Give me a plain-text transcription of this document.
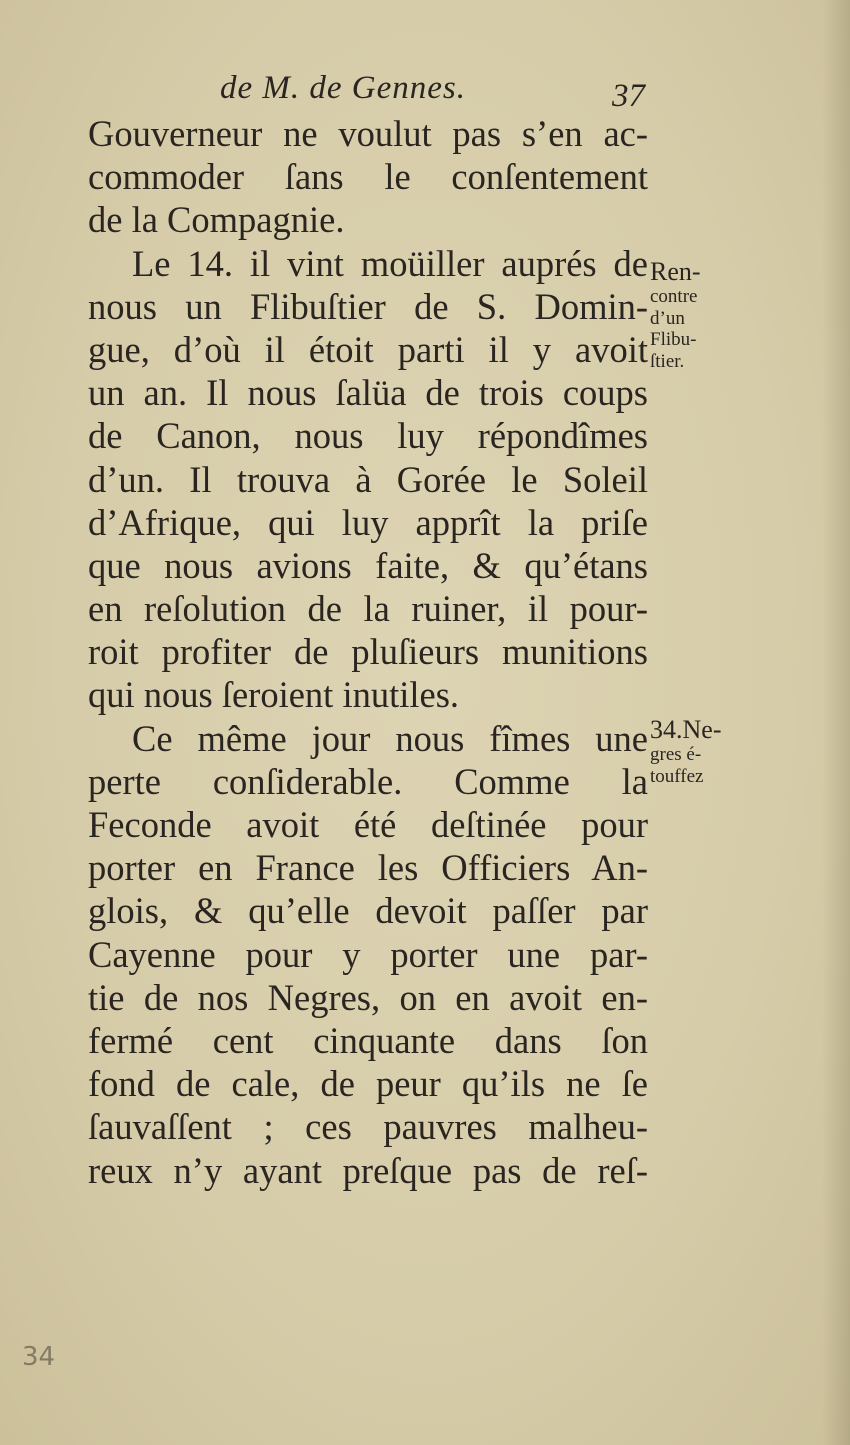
de M. de Gennes.	37
Gouverneur ne voulut pas s’en ac-
commoder ſans le conſentement
de la Compagnie.
Le 14. il vint moüiller auprés de
nous un Flibuſtier de S. Domin-
gue, d’où il étoit parti il y avoit
un an. Il nous ſalüa de trois coups
de Canon, nous luy répondîmes
d’un. Il trouva à Gorée le Soleil
d’Afrique, qui luy apprît la priſe
que nous avions faite, & qu’étans
en reſolution de la ruiner, il pour-
roit profiter de pluſieurs munitions
qui nous ſeroient inutiles.
Ce même jour nous fîmes une
perte conſiderable. Comme la
Feconde avoit été deſtinée pour
porter en France les Officiers An-
glois, & qu’elle devoit paſſer par
Cayenne pour y porter une par-
tie de nos Negres, on en avoit en-
fermé cent cinquante dans ſon
fond de cale, de peur qu’ils ne ſe
ſauvaſſent ; ces pauvres malheu-
reux n’y ayant preſque pas de reſ-
Ren-
contre
d’un
Flibu-
ſtier.
34.Ne-
gres é-
touffez
34
